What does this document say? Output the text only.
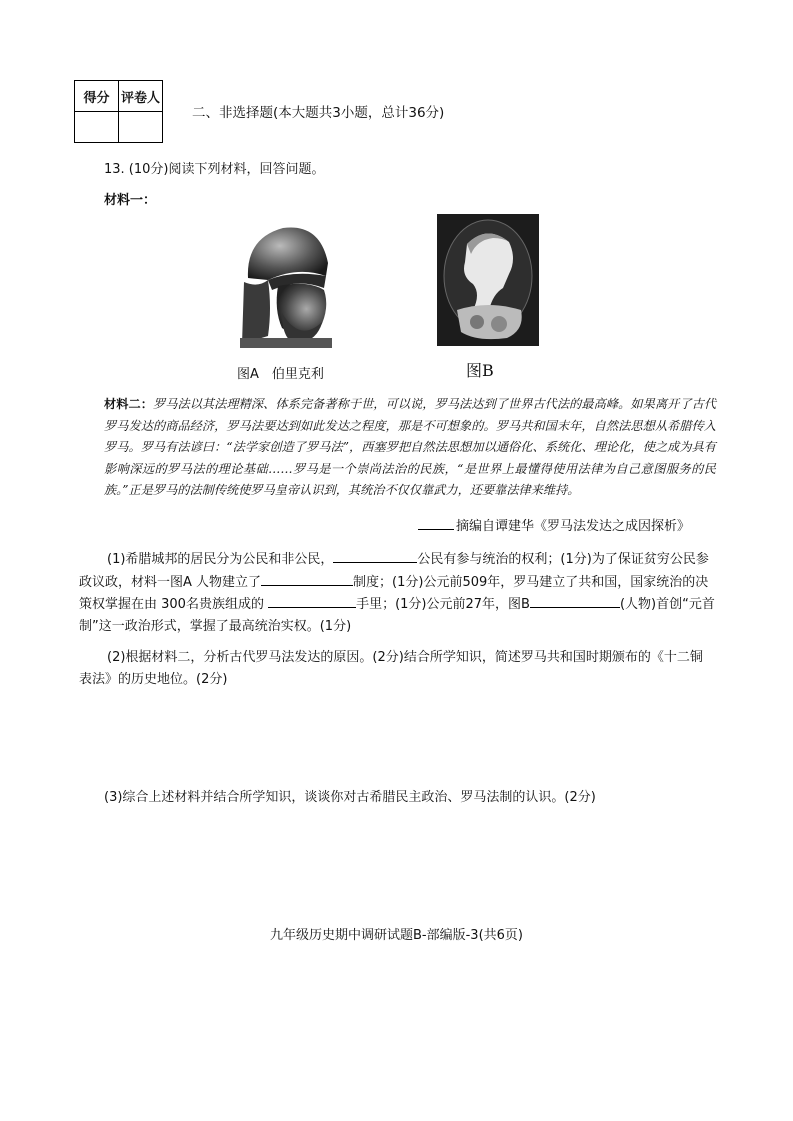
得分	评卷人

二、非选择题(本大题共3小题，总计36分)
13. (10分)阅读下列材料，回答问题。
材料一：
图A　伯里克利	图B
材料二：罗马法以其法理精深、体系完备著称于世，可以说，罗马法达到了世界古代法的最高峰。如果离开了古代罗马发达的商品经济，罗马法要达到如此发达之程度，那是不可想象的。罗马共和国末年，自然法思想从希腊传入罗马。罗马有法谚曰：“法学家创造了罗马法”，西塞罗把自然法思想加以通俗化、系统化、理论化，使之成为具有影响深远的罗马法的理论基础……罗马是一个崇尚法治的民族，“是世界上最懂得使用法律为自己意图服务的民族。”正是罗马的法制传统使罗马皇帝认识到，其统治不仅仅靠武力，还要靠法律来维持。
摘编自谭建华《罗马法发达之成因探析》
(1)希腊城邦的居民分为公民和非公民，	公民有参与统治的权利；(1分)为了保证贫穷公民参政议政，材料一图A 人物建立了	制度；(1分)公元前509年，罗马建立了共和国，国家统治的决策权掌握在由 300名贵族组成的	手里；(1分)公元前27年，图B	(人物)首创“元首制”这一政治形式，掌握了最高统治实权。(1分)
(2)根据材料二，分析古代罗马法发达的原因。(2分)结合所学知识，简述罗马共和国时期颁布的《十二铜表法》的历史地位。(2分)
(3)综合上述材料并结合所学知识，谈谈你对古希腊民主政治、罗马法制的认识。(2分)
九年级历史期中调研试题B-部编版-3(共6页)
